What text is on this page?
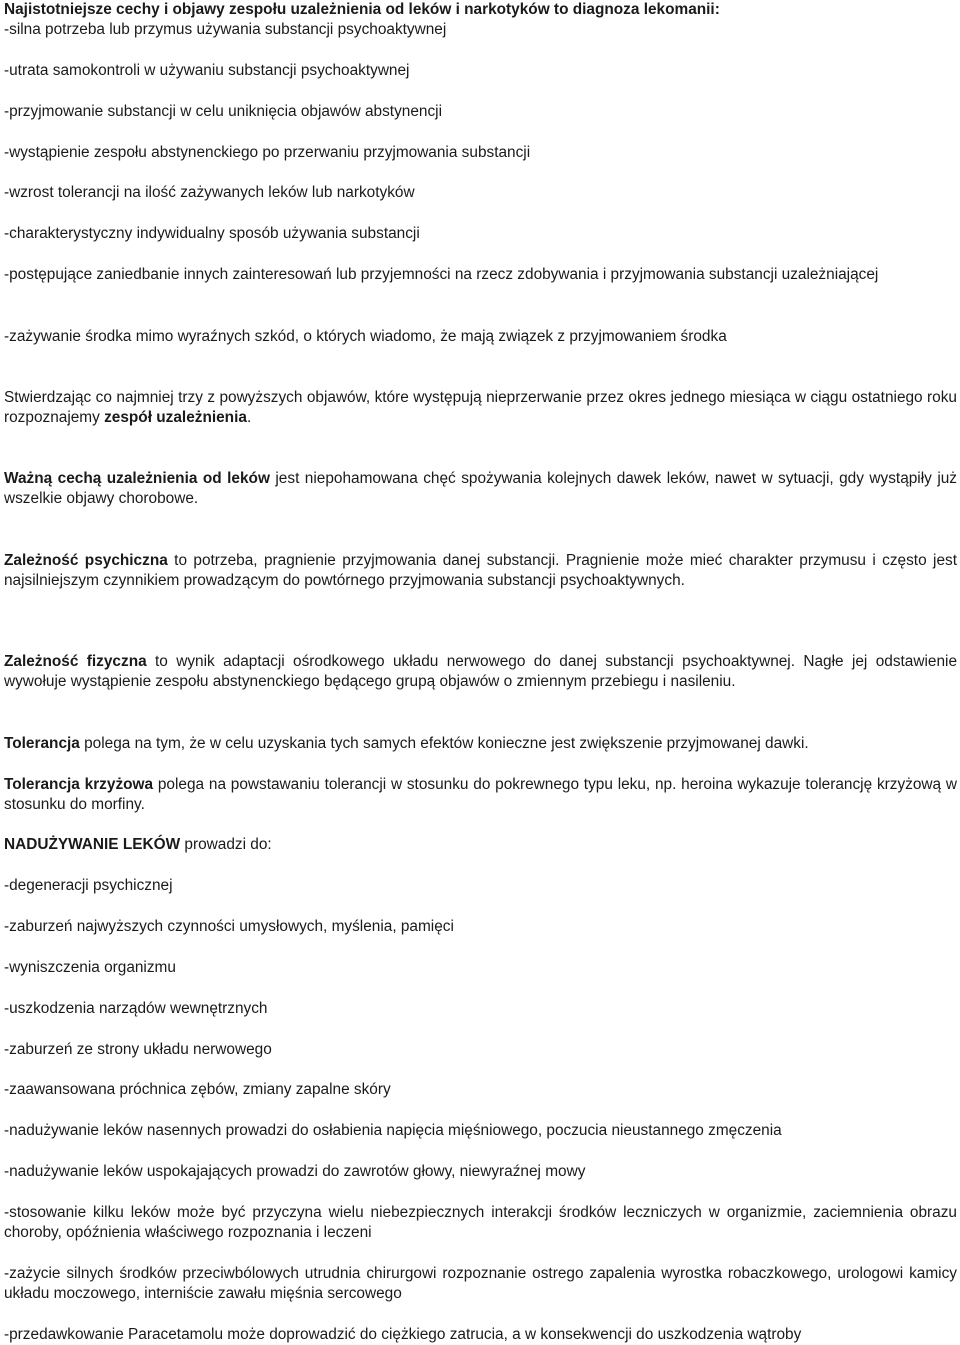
Najistotniejsze cechy i objawy zespołu uzależnienia od leków i narkotyków to diagnoza lekomanii:

-silna potrzeba lub przymus używania substancji psychoaktywnej

-utrata samokontroli w używaniu substancji psychoaktywnej

-przyjmowanie substancji w celu uniknięcia objawów abstynencji

-wystąpienie zespołu abstynenckiego po przerwaniu przyjmowania substancji

-wzrost tolerancji na ilość zażywanych leków lub narkotyków

-charakterystyczny indywidualny sposób używania substancji

-postępujące zaniedbanie innych zainteresowań lub przyjemności na rzecz zdobywania i przyjmowania substancji uzależniającej

-zażywanie środka mimo wyraźnych szkód, o których wiadomo, że mają związek z przyjmowaniem środka

Stwierdzając co najmniej trzy z powyższych objawów, które występują nieprzerwanie przez okres jednego miesiąca w ciągu ostatniego roku rozpoznajemy zespół uzależnienia.

Ważną cechą uzależnienia od leków jest niepohamowana chęć spożywania kolejnych dawek leków, nawet w sytuacji, gdy wystąpiły już wszelkie objawy chorobowe.

Zależność psychiczna to potrzeba, pragnienie przyjmowania danej substancji. Pragnienie może mieć charakter przymusu i często jest najsilniejszym czynnikiem prowadzącym do powtórnego przyjmowania substancji psychoaktywnych.

Zależność fizyczna to wynik adaptacji ośrodkowego układu nerwowego do danej substancji psychoaktywnej. Nagłe jej odstawienie wywołuje wystąpienie zespołu abstynenckiego będącego grupą objawów o zmiennym przebiegu i nasileniu.

Tolerancja polega na tym, że w celu uzyskania tych samych efektów konieczne jest zwiększenie przyjmowanej dawki.

Tolerancja krzyżowa polega na powstawaniu tolerancji w stosunku do pokrewnego typu leku, np. heroina wykazuje tolerancję krzyżową w stosunku do morfiny.

NADUŻYWANIE LEKÓW prowadzi do:

-degeneracji psychicznej

-zaburzeń najwyższych czynności umysłowych, myślenia, pamięci

-wyniszczenia organizmu

-uszkodzenia narządów wewnętrznych

-zaburzeń ze strony układu nerwowego

-zaawansowana próchnica zębów, zmiany zapalne skóry

-nadużywanie leków nasennych prowadzi do osłabienia napięcia mięśniowego, poczucia nieustannego zmęczenia

-nadużywanie leków uspokajających prowadzi do zawrotów głowy, niewyraźnej mowy

-stosowanie kilku leków może być przyczyna wielu niebezpiecznych interakcji środków leczniczych w organizmie, zaciemnienia obrazu choroby, opóźnienia właściwego rozpoznania i leczeni

-zażycie silnych środków przeciwbólowych utrudnia chirurgowi rozpoznanie ostrego zapalenia wyrostka robaczkowego, urologowi kamicy układu moczowego, interniście zawału mięśnia sercowego

-przedawkowanie Paracetamolu może doprowadzić do ciężkiego zatrucia, a w konsekwencji do uszkodzenia wątroby
